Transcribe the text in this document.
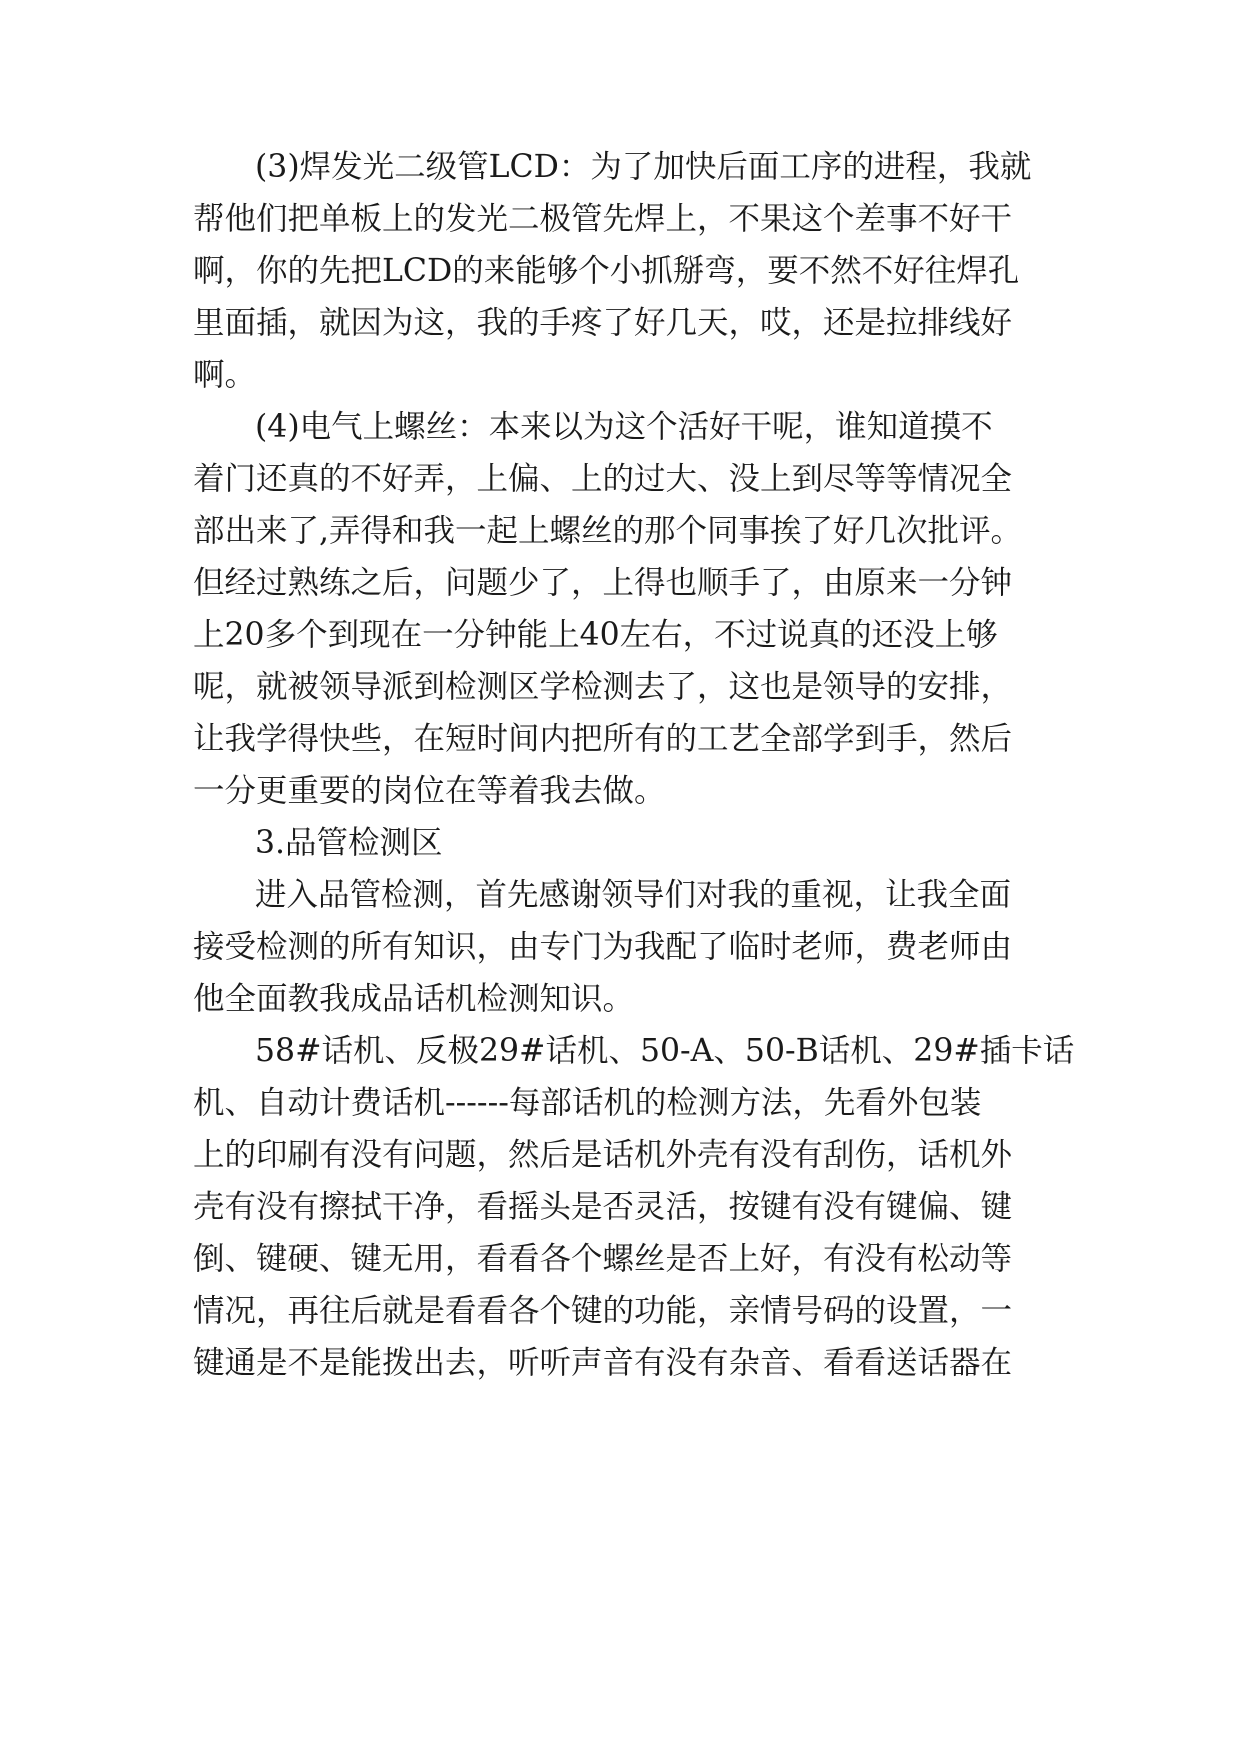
(3)焊发光二级管LCD：为了加快后面工序的进程，我就
帮他们把单板上的发光二极管先焊上，不果这个差事不好干
啊，你的先把LCD的来能够个小抓掰弯，要不然不好往焊孔
里面插，就因为这，我的手疼了好几天，哎，还是拉排线好
啊。
(4)电气上螺丝：本来以为这个活好干呢，谁知道摸不
着门还真的不好弄，上偏、上的过大、没上到尽等等情况全
部出来了,弄得和我一起上螺丝的那个同事挨了好几次批评。
但经过熟练之后，问题少了，上得也顺手了，由原来一分钟
上20多个到现在一分钟能上40左右，不过说真的还没上够
呢，就被领导派到检测区学检测去了，这也是领导的安排，
让我学得快些，在短时间内把所有的工艺全部学到手，然后
一分更重要的岗位在等着我去做。
3.品管检测区
进入品管检测，首先感谢领导们对我的重视，让我全面
接受检测的所有知识，由专门为我配了临时老师，费老师由
他全面教我成品话机检测知识。
58#话机、反极29#话机、50-A、50-B话机、29#插卡话
机、自动计费话机------每部话机的检测方法，先看外包装
上的印刷有没有问题，然后是话机外壳有没有刮伤，话机外
壳有没有擦拭干净，看摇头是否灵活，按键有没有键偏、键
倒、键硬、键无用，看看各个螺丝是否上好，有没有松动等
情况，再往后就是看看各个键的功能，亲情号码的设置，一
键通是不是能拨出去，听听声音有没有杂音、看看送话器在
